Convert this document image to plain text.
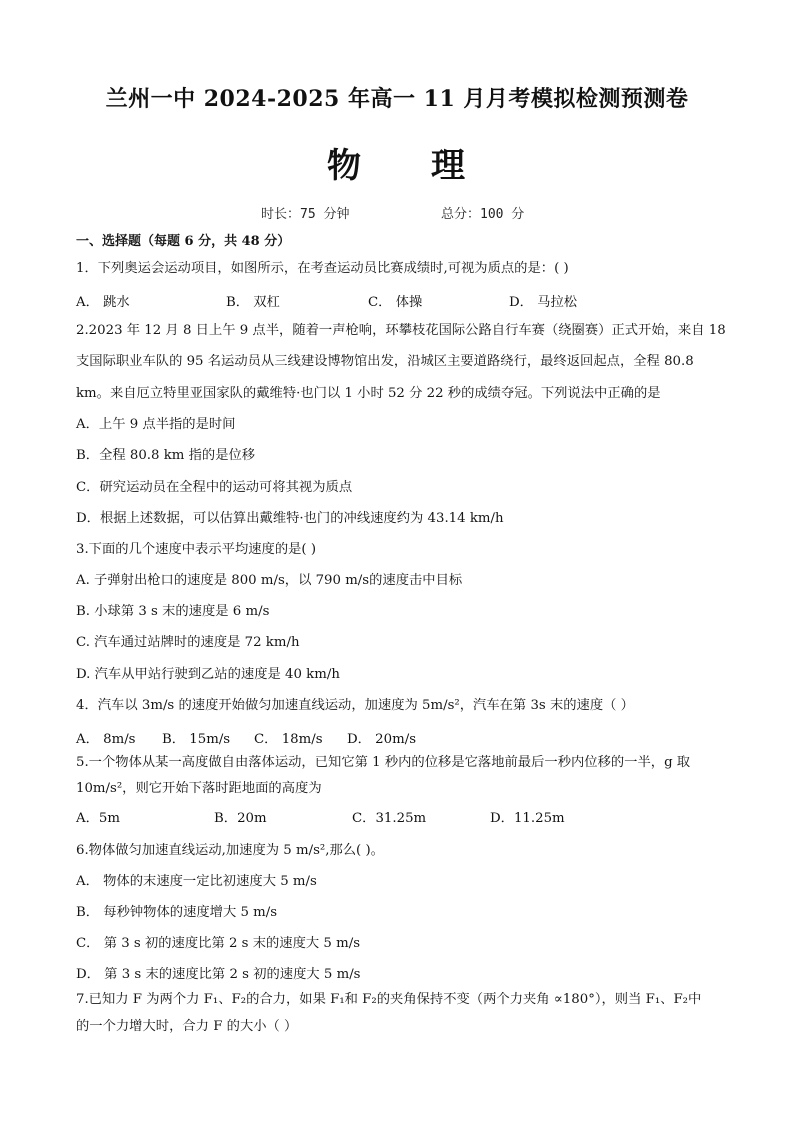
兰州一中 2024-2025 年高一 11 月月考模拟检测预测卷
物 理
时长：75 分钟	总分：100 分
一、选择题（每题 6 分，共 48 分）
1．下列奥运会运动项目，如图所示，在考查运动员比赛成绩时,可视为质点的是：( )
A． 跳水	B． 双杠	C． 体操	D． 马拉松
2.2023 年 12 月 8 日上午 9 点半，随着一声枪响，环攀枝花国际公路自行车赛（绕圈赛）正式开始，来自 18
支国际职业车队的 95 名运动员从三线建设博物馆出发，沿城区主要道路绕行，最终返回起点，全程 80.8
km。来自厄立特里亚国家队的戴维特·也门以 1 小时 52 分 22 秒的成绩夺冠。下列说法中正确的是
A．上午 9 点半指的是时间
B．全程 80.8 km 指的是位移
C．研究运动员在全程中的运动可将其视为质点
D．根据上述数据，可以估算出戴维特·也门的冲线速度约为 43.14 km/h
3.下面的几个速度中表示平均速度的是( )
A. 子弹射出枪口的速度是 800 m/s，以 790 m/s的速度击中目标
B. 小球第 3 s 末的速度是 6 m/s
C. 汽车通过站牌时的速度是 72 km/h
D. 汽车从甲站行驶到乙站的速度是 40 km/h
4．汽车以 3m/s 的速度开始做匀加速直线运动，加速度为 5m/s²，汽车在第 3s 末的速度（ ）
A． 8m/s B． 15m/s C． 18m/s D． 20m/s
5.一个物体从某一高度做自由落体运动，已知它第 1 秒内的位移是它落地前最后一秒内位移的一半，g 取
10m/s²，则它开始下落时距地面的高度为
A．5m	B．20m	C．31.25m	D．11.25m
6.物体做匀加速直线运动,加速度为 5 m/s²,那么( )。
A． 物体的末速度一定比初速度大 5 m/s
B． 每秒钟物体的速度增大 5 m/s
C． 第 3 s 初的速度比第 2 s 末的速度大 5 m/s
D． 第 3 s 末的速度比第 2 s 初的速度大 5 m/s
7.已知力 F 为两个力 F₁、F₂的合力，如果 F₁和 F₂的夹角保持不变（两个力夹角 ∝180°），则当 F₁、F₂中
的一个力增大时，合力 F 的大小（ ）
